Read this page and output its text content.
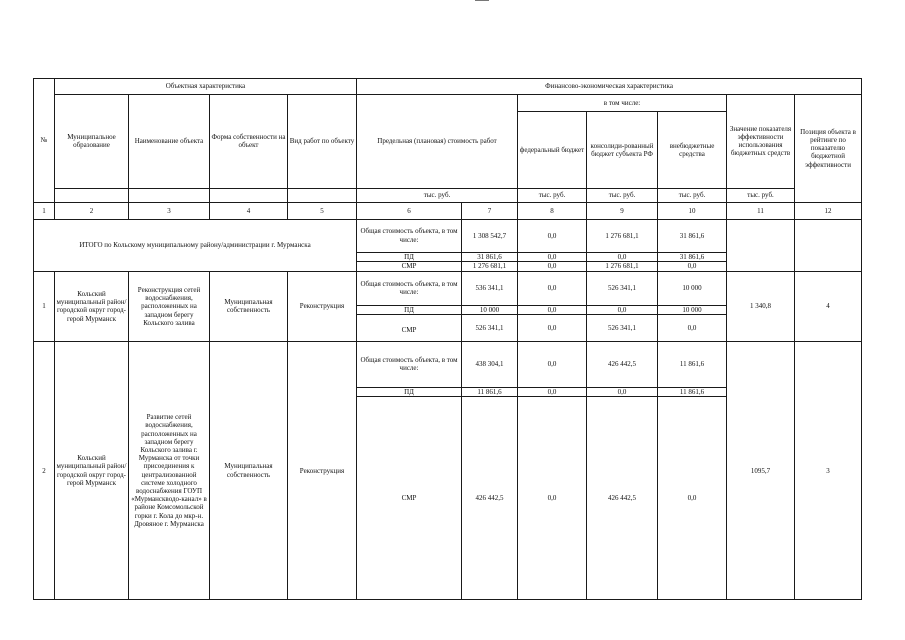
№	Объектная характеристика				Финансово-экономическая характеристика						
	Муниципальное образование	Наименование объекта	Форма собственности на объект	Вид работ по объекту	Предельная (плановая) стоимость работ		в том числе:			Значение показателя эффективности использования бюджетных средств	Позиция объекта в рейтинге по показателю бюджетной эффективности
							федеральный бюджет	консолиди-рованный бюджет субъекта РФ	внебюджетные средства		
					тыс. руб.		тыс. руб.	тыс. руб.	тыс. руб.	тыс. руб.	
1	2	3	4	5	6	7	8	9	10	11	12
ИТОГО по Кольскому муниципальному району/администрации г. Мурманска					Общая стоимость объекта, в том числе:	1 308 542,7	0,0	1 276 681,1	31 861,6		
					ПД	31 861,6	0,0	0,0	31 861,6		
					СМР	1 276 681,1	0,0	1 276 681,1	0,0		
1	Кольский муниципальный район/ городской округ город-герой Мурманск	Реконструкция сетей водоснабжения, расположенных на западном берегу Кольского залива	Муниципальная собственность	Реконструкция	Общая стоимость объекта, в том числе:	536 341,1	0,0	526 341,1	10 000	1 340,8	4
					ПД	10 000	0,0	0,0	10 000		
					СМР	526 341,1	0,0	526 341,1	0,0		
2	Кольский муниципальный район/ городской округ город-герой Мурманск	Развитие сетей водоснабжения, расположенных на западном берегу Кольского залива г. Мурманска от точки присоединения к централизованной системе холодного водоснабжения ГОУП «Мурманскводо-канал» в районе Комсомольской горки г. Кола до мкр-н. Дровяное г. Мурманска	Муниципальная собственность	Реконструкция	Общая стоимость объекта, в том числе:	438 304,1	0,0	426 442,5	11 861,6	1095,7	3
					ПД	11 861,6	0,0	0,0	11 861,6		
					СМР	426 442,5	0,0	426 442,5	0,0		
